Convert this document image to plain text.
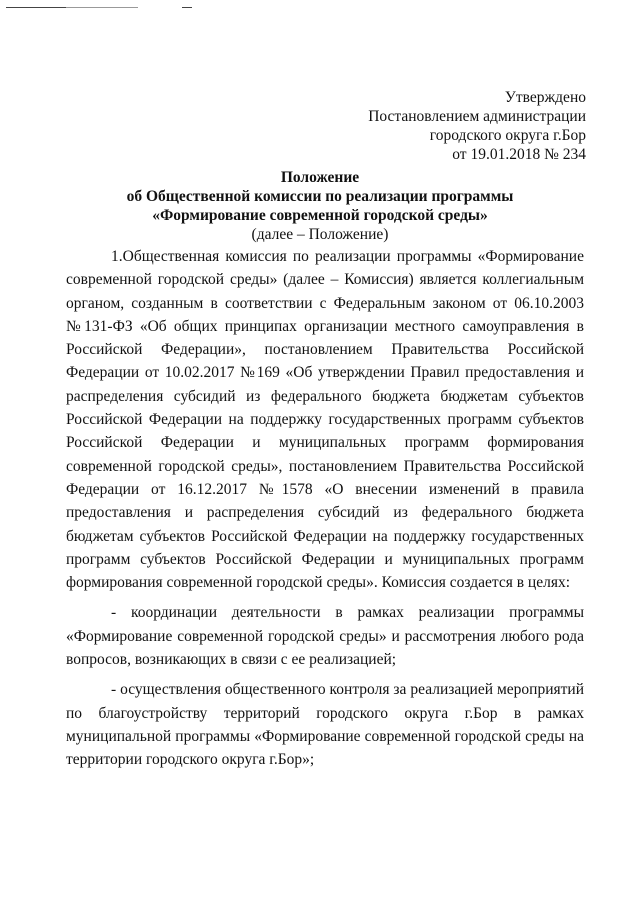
Утверждено
Постановлением администрации
городского округа г.Бор
от 19.01.2018 № 234
Положение
об Общественной комиссии по реализации программы
«Формирование современной городской среды»
(далее – Положение)

1.Общественная комиссия по реализации программы «Формирование современной городской среды» (далее – Комиссия) является коллегиальным органом, созданным в соответствии с Федеральным законом от 06.10.2003 №131-ФЗ «Об общих принципах организации местного самоуправления в Российской Федерации», постановлением Правительства Российской Федерации от 10.02.2017 №169 «Об утверждении Правил предоставления и распределения субсидий из федерального бюджета бюджетам субъектов Российской Федерации на поддержку государственных программ субъектов Российской Федерации и муниципальных программ формирования современной городской среды», постановлением Правительства Российской Федерации от 16.12.2017 №1578 «О внесении изменений в правила предоставления и распределения субсидий из федерального бюджета бюджетам субъектов Российской Федерации на поддержку государственных программ субъектов Российской Федерации и муниципальных программ формирования современной городской среды». Комиссия создается в целях:

- координации деятельности в рамках реализации программы «Формирование современной городской среды» и рассмотрения любого рода вопросов, возникающих в связи с ее реализацией;

- осуществления общественного контроля за реализацией мероприятий по благоустройству территорий городского округа г.Бор в рамках муниципальной программы «Формирование современной городской среды на территории городского округа г.Бор»;
